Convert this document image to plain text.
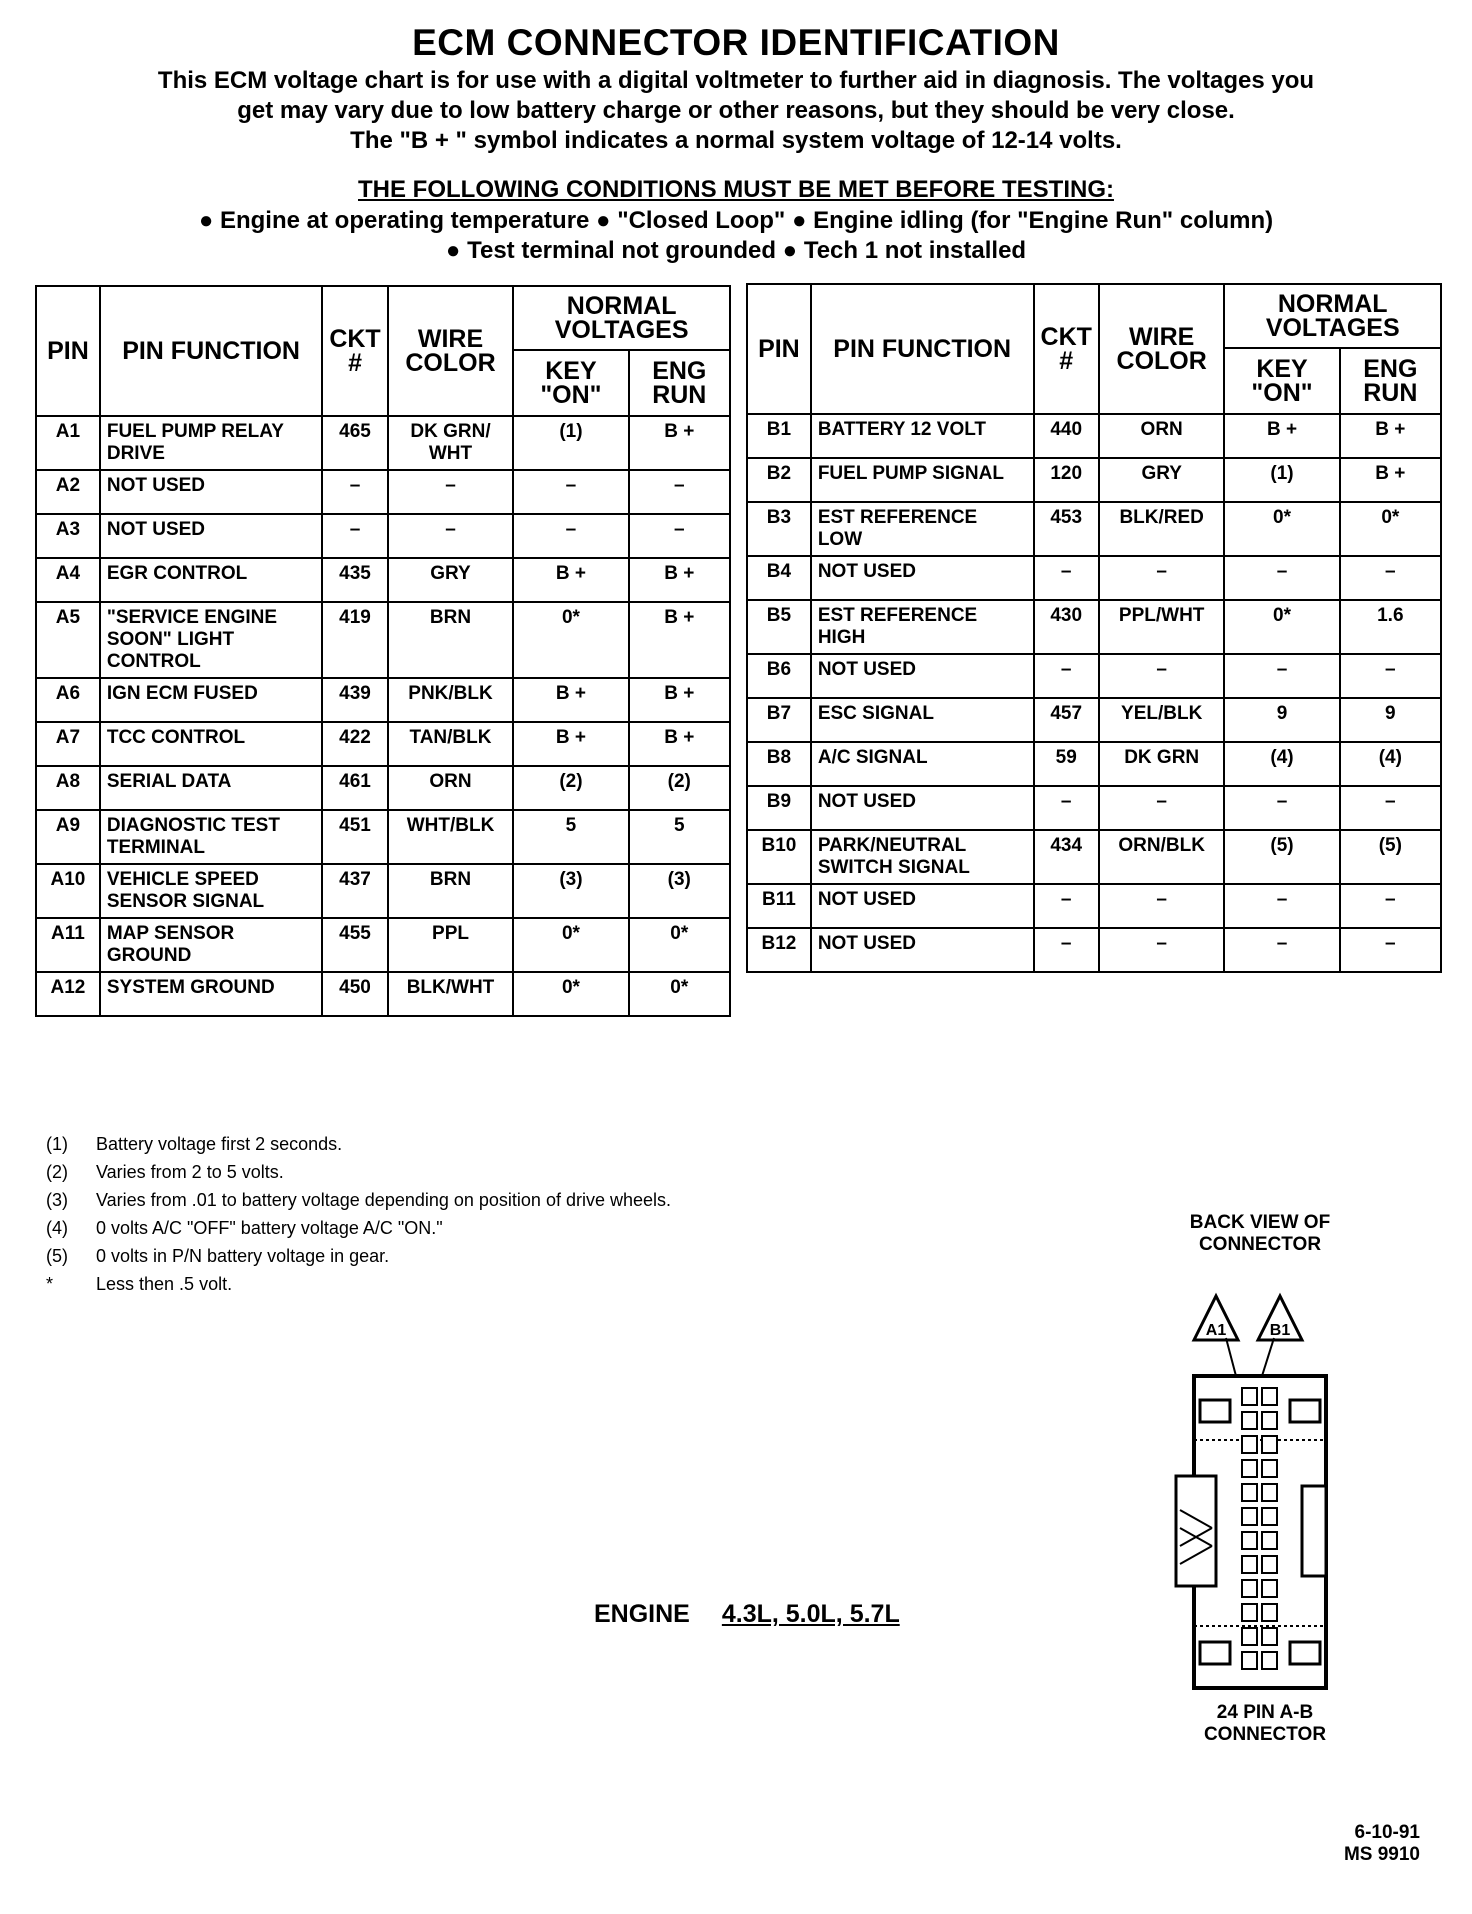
ECM CONNECTOR IDENTIFICATION
This ECM voltage chart is for use with a digital voltmeter to further aid in diagnosis. The voltages you
get may vary due to low battery charge or other reasons, but they should be very close.
The "B + " symbol indicates a normal system voltage of 12-14 volts.
THE FOLLOWING CONDITIONS MUST BE MET BEFORE TESTING:
● Engine at operating temperature ● "Closed Loop" ● Engine idling (for "Engine Run" column)
● Test terminal not grounded ● Tech 1 not installed
PIN	PIN FUNCTION	CKT #	WIRE COLOR	NORMAL VOLTAGES	
				KEY "ON"	ENG RUN
A1	FUEL PUMP RELAY DRIVE	465	DK GRN/ WHT	(1)	B +
A2	NOT USED	–	–	–	–
A3	NOT USED	–	–	–	–
A4	EGR CONTROL	435	GRY	B +	B +
A5	"SERVICE ENGINE SOON" LIGHT CONTROL	419	BRN	0*	B +
A6	IGN ECM FUSED	439	PNK/BLK	B +	B +
A7	TCC CONTROL	422	TAN/BLK	B +	B +
A8	SERIAL DATA	461	ORN	(2)	(2)
A9	DIAGNOSTIC TEST TERMINAL	451	WHT/BLK	5	5
A10	VEHICLE SPEED SENSOR SIGNAL	437	BRN	(3)	(3)
A11	MAP SENSOR GROUND	455	PPL	0*	0*
A12	SYSTEM GROUND	450	BLK/WHT	0*	0*
PIN	PIN FUNCTION	CKT #	WIRE COLOR	NORMAL VOLTAGES	
				KEY "ON"	ENG RUN
B1	BATTERY 12 VOLT	440	ORN	B +	B +
B2	FUEL PUMP SIGNAL	120	GRY	(1)	B +
B3	EST REFERENCE LOW	453	BLK/RED	0*	0*
B4	NOT USED	–	–	–	–
B5	EST REFERENCE HIGH	430	PPL/WHT	0*	1.6
B6	NOT USED	–	–	–	–
B7	ESC SIGNAL	457	YEL/BLK	9	9
B8	A/C SIGNAL	59	DK GRN	(4)	(4)
B9	NOT USED	–	–	–	–
B10	PARK/NEUTRAL SWITCH SIGNAL	434	ORN/BLK	(5)	(5)
B11	NOT USED	–	–	–	–
B12	NOT USED	–	–	–	–
(1)	Battery voltage first 2 seconds.
(2)	Varies from 2 to 5 volts.
(3)	Varies from .01 to battery voltage depending on position of drive wheels.
(4)	0 volts A/C "OFF" battery voltage A/C "ON."
(5)	0 volts in P/N battery voltage in gear.
*	Less then .5 volt.
ENGINE 4.3L, 5.0L, 5.7L
BACK VIEW OF CONNECTOR
A1	B1
24 PIN A-B CONNECTOR
6-10-91
MS 9910
